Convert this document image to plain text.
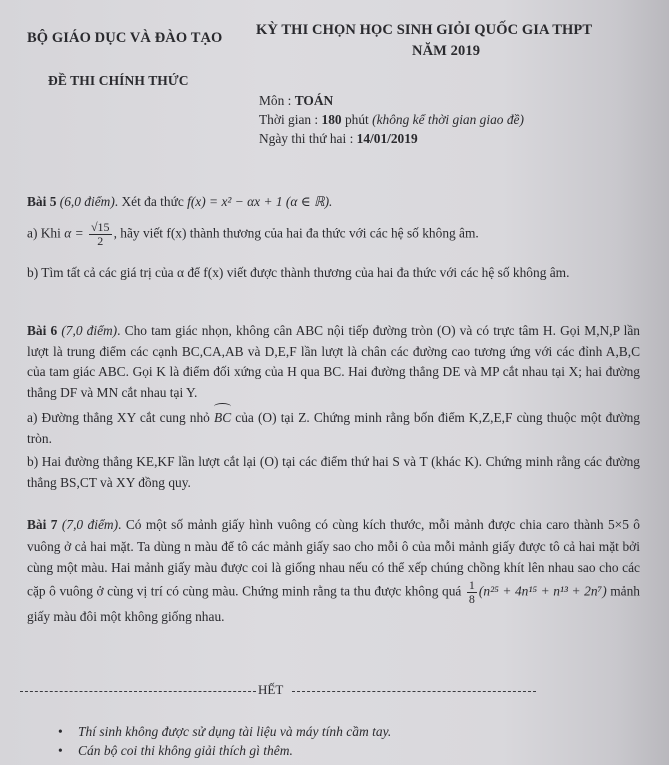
BỘ GIÁO DỤC VÀ ĐÀO TẠO KỲ THI CHỌN HỌC SINH GIỎI QUỐC GIA THPT
NĂM 2019
ĐỀ THI CHÍNH THỨC
Môn : TOÁN
Thời gian : 180 phút (không kể thời gian giao đề)
Ngày thi thứ hai : 14/01/2019
Bài 5 (6,0 điểm). Xét đa thức f(x) = x² − αx + 1 (α ∈ ℝ).
a) Khi $\alpha = \frac{√15}{2}$ , hãy viết f(x) thành thương của hai đa thức với các hệ số không âm.
b) Tìm tất cả các giá trị của α để f(x) viết được thành thương của hai đa thức với các hệ số không âm.
Bài 6 (7,0 điểm). Cho tam giác nhọn, không cân ABC nội tiếp đường tròn (O) và có trực tâm H. Gọi M,N,P lần lượt là trung điểm các cạnh BC,CA,AB và D,E,F lần lượt là chân các đường cao tương ứng với các đỉnh A,B,C của tam giác ABC. Gọi K là điểm đối xứng của H qua BC. Hai đường thẳng DE và MP cắt nhau tại X; hai đường thẳng DF và MN cắt nhau tại Y.
a) Đường thẳng XY cắt cung nhỏ BC của (O) tại Z. Chứng minh rằng bốn điểm K,Z,E,F cùng thuộc một đường tròn.
b) Hai đường thẳng KE,KF lần lượt cắt lại (O) tại các điểm thứ hai S và T (khác K). Chứng minh rằng các đường thẳng BS,CT và XY đồng quy.
Bài 7 (7,0 điểm). Có một số mảnh giấy hình vuông có cùng kích thước, mỗi mảnh được chia caro thành 5×5 ô vuông ở cả hai mặt. Ta dùng n màu để tô các mảnh giấy sao cho mỗi ô của mỗi mảnh giấy được tô cả hai mặt bởi cùng một màu. Hai mảnh giấy màu được coi là giống nhau nếu có thể xếp chúng chồng khít lên nhau sao cho các cặp ô vuông ở cùng vị trí có cùng màu. Chứng minh rằng ta thu được không quá $\frac{1}{8} (n^{25} + 4n^{15} + n^{13} + 2n^7)$ mảnh giấy màu đôi một không giống nhau.
HẾT
• Thí sinh không được sử dụng tài liệu và máy tính cầm tay.
• Cán bộ coi thi không giải thích gì thêm.
